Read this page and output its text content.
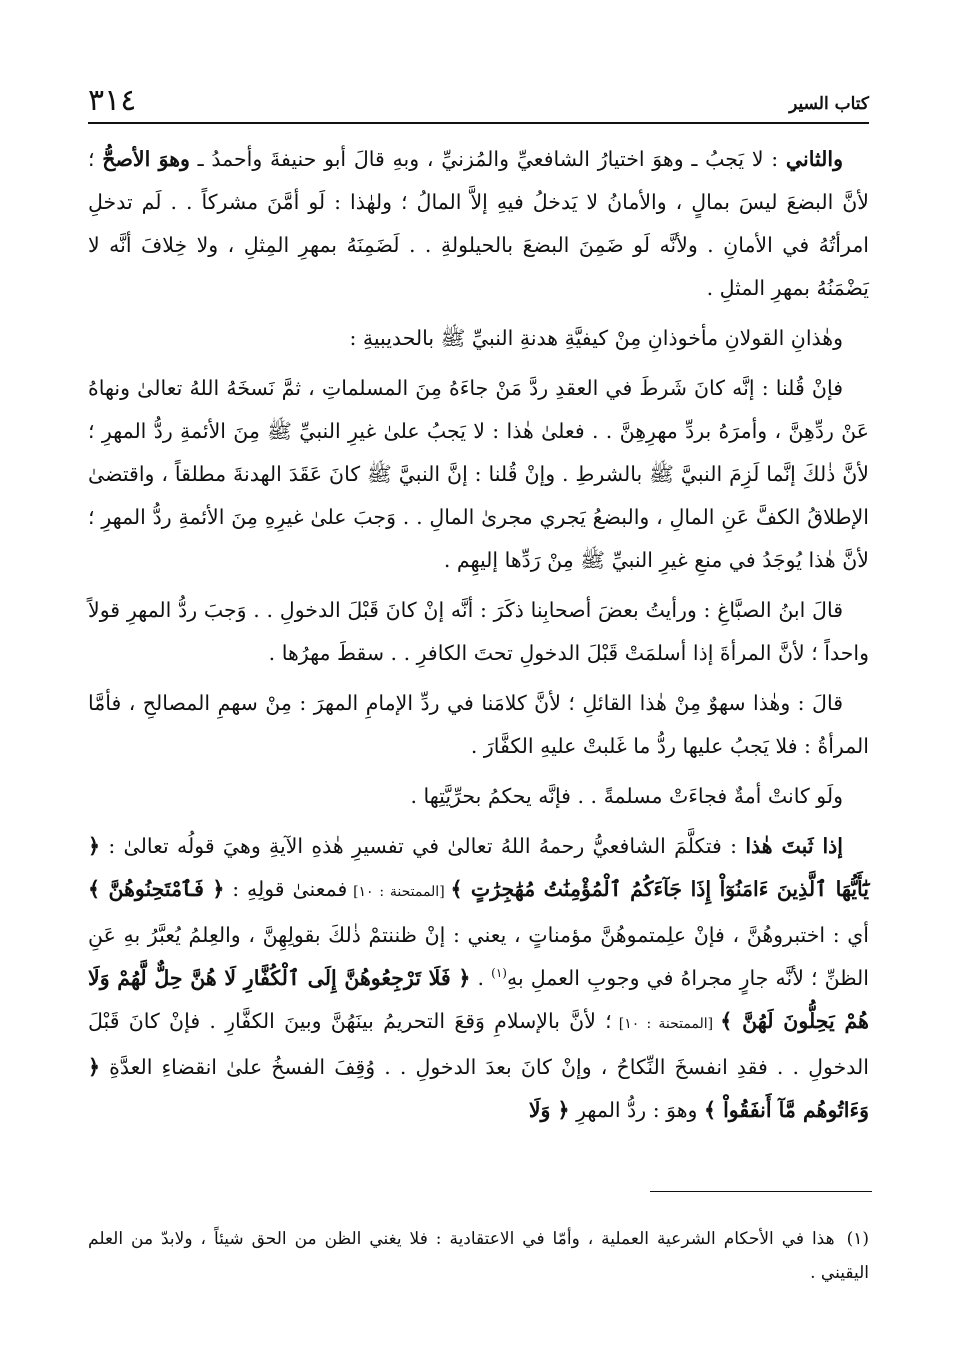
كتاب السير
٣١٤

والثاني : لا يَجبُ ـ وهوَ اختيارُ الشافعيِّ والمُزنيِّ ، وبهِ قالَ أبو حنيفةَ وأحمدُ ـ وهوَ الأصحُّ ؛ لأنَّ البضعَ ليسَ بمالٍ ، والأمانُ لا يَدخلُ فيهِ إلاَّ المالُ ؛ ولهٰذا : لَو أمَّنَ مشركاً . . لَم تدخلِ امرأتُهُ في الأمانِ . ولأنَّه لَو ضَمِنَ البضعَ بالحيلولةِ . . لَضَمِنَهُ بمهرِ المِثلِ ، ولا خِلافَ أنَّه لا يَضْمَنُهُ بمهرِ المثلِ .

وهٰذانِ القولانِ مأخوذانِ مِنْ كيفيَّةِ هدنةِ النبيِّ ﷺ بالحديبيةِ :

فإنْ قُلنا : إنَّه كانَ شَرطَ في العقدِ ردَّ مَنْ جاءَهُ مِنَ المسلماتِ ، ثمَّ نَسخَهُ اللهُ تعالىٰ ونهاهُ عَنْ ردِّهِنَّ ، وأمرَهُ بردِّ مهرِهِنَّ . . فعلىٰ هٰذا : لا يَجبُ علىٰ غيرِ النبيِّ ﷺ مِنَ الأئمةِ ردُّ المهرِ ؛ لأنَّ ذٰلكَ إنَّما لَزِمَ النبيَّ ﷺ بالشرطِ . وإنْ قُلنا : إنَّ النبيَّ ﷺ كانَ عَقَدَ الهدنةَ مطلقاً ، واقتضىٰ الإطلاقُ الكفَّ عَنِ المالِ ، والبضعُ يَجري مجرىٰ المالِ . . وَجبَ علىٰ غيرِهِ مِنَ الأئمةِ ردُّ المهرِ ؛ لأنَّ هٰذا يُوجَدُ في منعِ غيرِ النبيِّ ﷺ مِنْ رَدِّها إليهِم .

قالَ ابنُ الصبَّاغِ : ورأيتُ بعضَ أصحابِنا ذكَرَ : أنَّه إنْ كانَ قَبْلَ الدخولِ . . وَجبَ ردُّ المهرِ قولاً واحداً ؛ لأنَّ المرأةَ إذا أسلمَتْ قَبْلَ الدخولِ تحتَ الكافرِ . . سقطَ مهرُها .

قالَ : وهٰذا سهوٌ مِنْ هٰذا القائلِ ؛ لأنَّ كلامَنا في ردِّ الإمامِ المهرَ : مِنْ سهمِ المصالحِ ، فأمَّا المرأةُ : فلا يَجبُ عليها ردُّ ما غَلبتْ عليهِ الكفَّارَ .

ولَو كانتْ أمةٌ فجاءَتْ مسلمةً . . فإنَّه يحكمُ بحرِّيَّتِها .

إذا ثَبتَ هٰذا : فتكلَّمَ الشافعيُّ رحمهُ اللهُ تعالىٰ في تفسيرِ هٰذهِ الآيةِ وهيَ قولُه تعالىٰ : ﴿ يَٰٓأَيُّهَا ٱلَّذِينَ ءَامَنُوٓاْ إِذَا جَآءَكُمُ ٱلْمُؤْمِنَٰتُ مُهَٰجِرَٰتٍ ﴾ [الممتحنة : ١٠] فمعنىٰ قولِهِ : ﴿ فَٱمْتَحِنُوهُنَّ ﴾ أي : اختبروهُنَّ ، فإنْ علِمتموهُنَّ مؤمناتٍ ، يعني : إنْ ظننتمْ ذٰلكَ بقولِهِنَّ ، والعِلمُ يُعبَّرُ بهِ عَنِ الظنِّ ؛ لأنَّه جارٍ مجراهُ في وجوبِ العملِ بهِ$^{(١)}$ . ﴿ فَلَا تَرْجِعُوهُنَّ إِلَى ٱلْكُفَّارِ لَا هُنَّ حِلٌّ لَّهُمْ وَلَا هُمْ يَحِلُّونَ لَهُنَّ ﴾ [الممتحنة : ١٠] ؛ لأنَّ بالإسلامِ وَقعَ التحريمُ بينَهُنَّ وبينَ الكفَّارِ . فإنْ كانَ قَبْلَ الدخولِ . . فقدِ انفسخَ النِّكاحُ ، وإنْ كانَ بعدَ الدخولِ . . وُقِفَ الفسخُ علىٰ انقضاءِ العدَّةِ ﴿ وَءَاتُوهُم مَّآ أَنفَقُواْ ﴾ وهوَ : ردُّ المهرِ ﴿ وَلَا

(١)هذا في الأحكام الشرعية العملية ، وأمّا في الاعتقادية : فلا يغني الظن من الحق شيئاً ، ولابدّ من العلم اليقيني .
